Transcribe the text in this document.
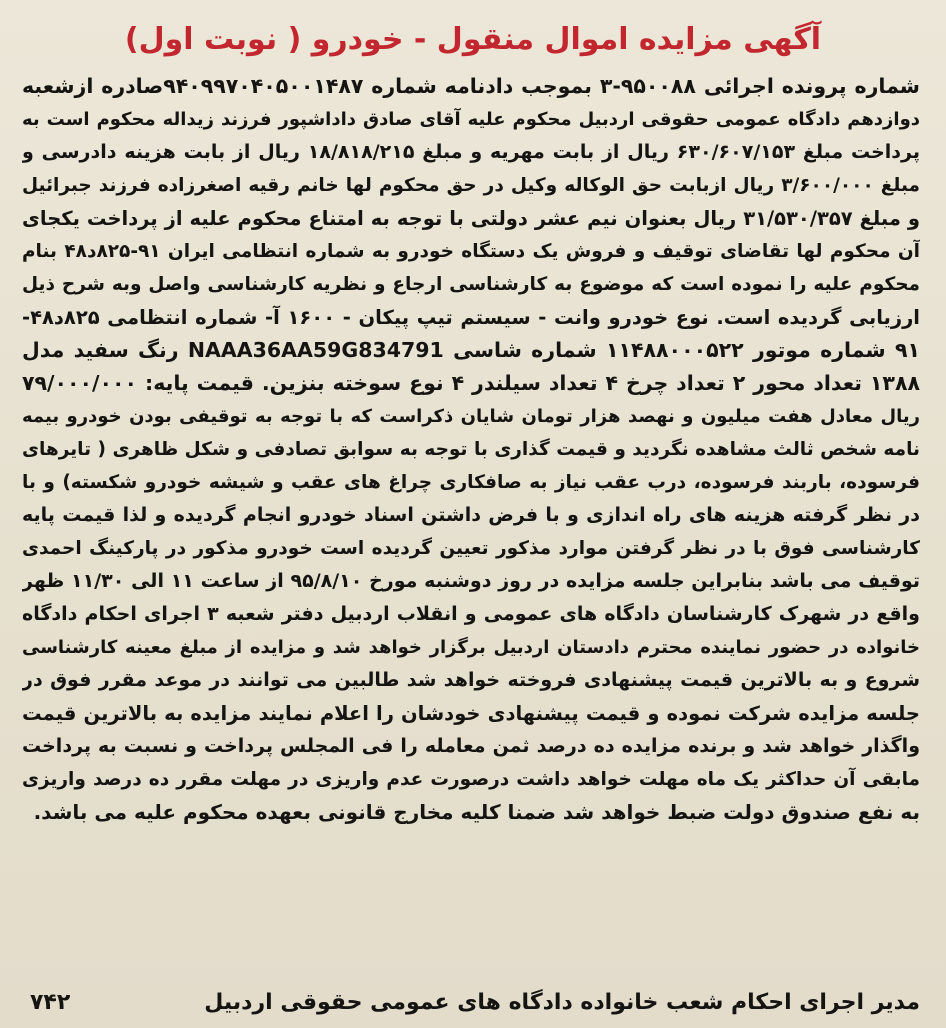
آگهی مزایده اموال منقول - خودرو ( نوبت اول)
شماره پرونده اجرائی ۹۵۰۰۸۸-۳ بموجب دادنامه شماره ۹۴۰۹۹۷۰۴۰۵۰۰۱۴۸۷صادره ازشعبه
دوازدهم دادگاه عمومی حقوقی اردبیل محکوم علیه آقای صادق داداشپور فرزند زیداله محکوم است به
پرداخت مبلغ ۶۳۰/۶۰۷/۱۵۳ ریال از بابت مهریه و مبلغ ۱۸/۸۱۸/۲۱۵ ریال از بابت هزینه دادرسی و
مبلغ ۳/۶۰۰/۰۰۰ ریال ازبابت حق الوکاله وکیل در حق محکوم لها خانم رقیه اصغرزاده فرزند جبرائیل
و مبلغ ۳۱/۵۳۰/۳۵۷ ریال بعنوان نیم عشر دولتی با توجه به امتناع محکوم علیه از پرداخت یکجای
آن محکوم لها تقاضای توقیف و فروش یک دستگاه خودرو به شماره انتظامی ایران ۹۱-۸۲۵د۴۸ بنام
محکوم علیه را نموده است که موضوع به کارشناسی ارجاع و نظریه کارشناسی واصل وبه شرح ذیل
ارزیابی گردیده است. نوع خودرو وانت - سیستم تیپ پیکان - ۱۶۰۰ آ- شماره انتظامی ۸۲۵د۴۸-
۹۱ شماره موتور ۱۱۴۸۸۰۰۰۵۲۲ شماره شاسی NAAA36AA59G834791 رنگ سفید مدل
۱۳۸۸ تعداد محور ۲ تعداد چرخ ۴ تعداد سیلندر ۴ نوع سوخته بنزین. قیمت پایه: ۷۹/۰۰۰/۰۰۰
ریال معادل هفت میلیون و نهصد هزار تومان شایان ذکراست که با توجه به توقیفی بودن خودرو بیمه
نامه شخص ثالث مشاهده نگردید و قیمت گذاری با توجه به سوابق تصادفی و شکل ظاهری ( تایرهای
فرسوده، باربند فرسوده، درب عقب نیاز به صافکاری چراغ های عقب و شیشه خودرو شکسته) و با
در نظر گرفته هزینه های راه اندازی و با فرض داشتن اسناد خودرو انجام گردیده و لذا قیمت پایه
کارشناسی فوق با در نظر گرفتن موارد مذکور تعیین گردیده است خودرو مذکور در پارکینگ احمدی
توقیف می باشد بنابراین جلسه مزایده در روز دوشنبه مورخ ۹۵/۸/۱۰ از ساعت ۱۱ الی ۱۱/۳۰ ظهر
واقع در شهرک کارشناسان دادگاه های عمومی و انقلاب اردبیل دفتر شعبه ۳ اجرای احکام دادگاه
خانواده در حضور نماینده محترم دادستان اردبیل برگزار خواهد شد و مزایده از مبلغ معینه کارشناسی
شروع و به بالاترین قیمت پیشنهادی فروخته خواهد شد طالبین می توانند در موعد مقرر فوق در
جلسه مزایده شرکت نموده و قیمت پیشنهادی خودشان را اعلام نمایند مزایده به بالاترین قیمت
واگذار خواهد شد و برنده مزایده ده درصد ثمن معامله را فی المجلس پرداخت و نسبت به پرداخت
مابقی آن حداکثر یک ماه مهلت خواهد داشت درصورت عدم واریزی در مهلت مقرر ده درصد واریزی
به نفع صندوق دولت ضبط خواهد شد ضمنا کلیه مخارج قانونی بعهده محکوم علیه می باشد.
مدیر اجرای احکام شعب خانواده دادگاه های عمومی حقوقی اردبیل
۷۴۲
